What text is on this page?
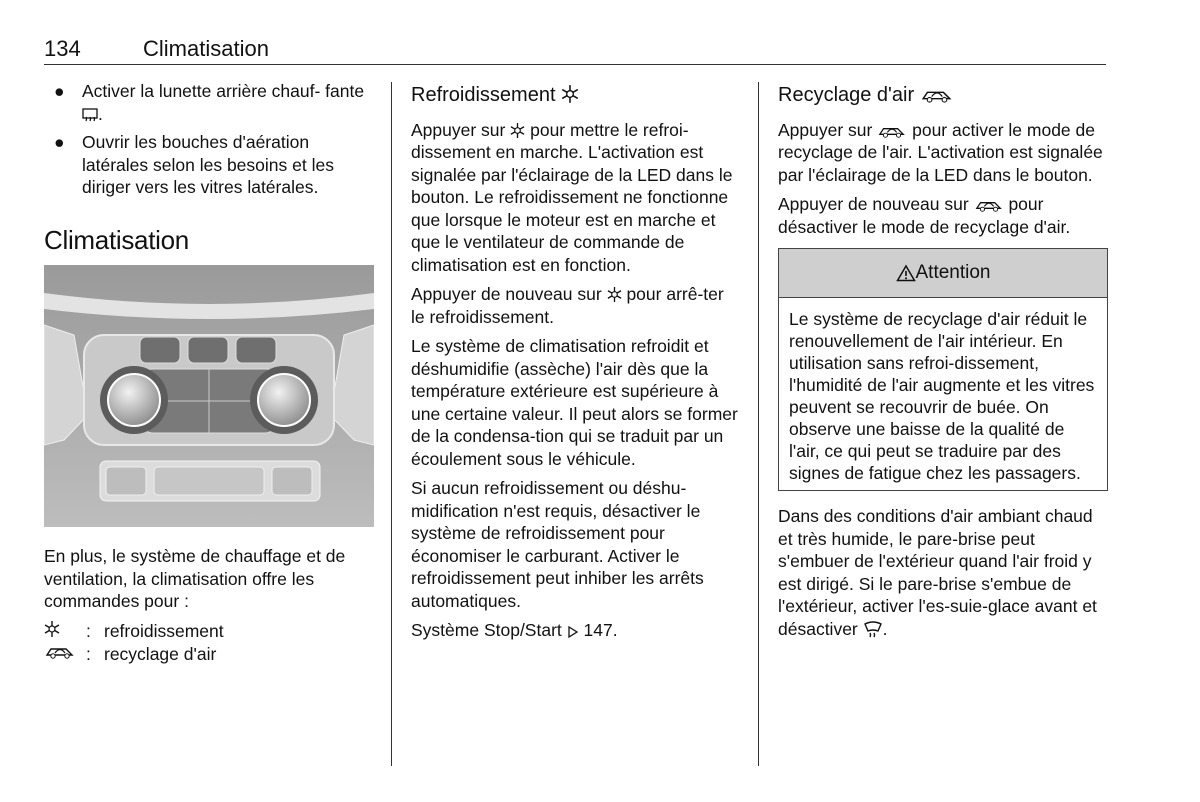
134	Climatisation
● Activer la lunette arrière chauf- fante .
● Ouvrir les bouches d'aération latérales selon les besoins et les diriger vers les vitres latérales.
Climatisation

En plus, le système de chauffage et de ventilation, la climatisation offre les commandes pour :

: refroidissement
: recyclage d'air
Refroidissement

Appuyer sur pour mettre le refroi-dissement en marche. L'activation est signalée par l'éclairage de la LED dans le bouton. Le refroidissement ne fonctionne que lorsque le moteur est en marche et que le ventilateur de commande de climatisation est en fonction.

Appuyer de nouveau sur pour arrê-ter le refroidissement.

Le système de climatisation refroidit et déshumidifie (assèche) l'air dès que la température extérieure est supérieure à une certaine valeur. Il peut alors se former de la condensa-tion qui se traduit par un écoulement sous le véhicule.

Si aucun refroidissement ou déshu-midification n'est requis, désactiver le système de refroidissement pour économiser le carburant. Activer le refroidissement peut inhiber les arrêts automatiques.

Système Stop/Start 147.

Recyclage d'air

Appuyer sur pour activer le mode de recyclage de l'air. L'activation est signalée par l'éclairage de la LED dans le bouton.

Appuyer de nouveau sur pour désactiver le mode de recyclage d'air.

Attention
Le système de recyclage d'air réduit le renouvellement de l'air intérieur. En utilisation sans refroi-dissement, l'humidité de l'air augmente et les vitres peuvent se recouvrir de buée. On observe une baisse de la qualité de l'air, ce qui peut se traduire par des signes de fatigue chez les passagers.

Dans des conditions d'air ambiant chaud et très humide, le pare-brise peut s'embuer de l'extérieur quand l'air froid y est dirigé. Si le pare-brise s'embue de l'extérieur, activer l'es-suie-glace avant et désactiver .
